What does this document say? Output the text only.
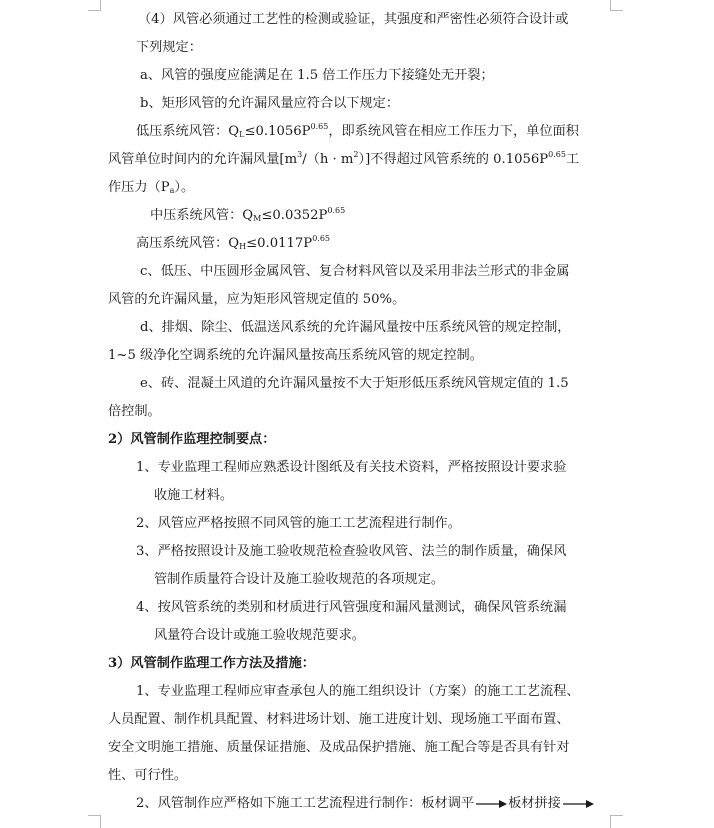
（4）风管必须通过工艺性的检测或验证，其强度和严密性必须符合设计或
下列规定：
a、风管的强度应能满足在 1.5 倍工作压力下接缝处无开裂；
b、矩形风管的允许漏风量应符合以下规定：
低压系统风管：$Q_L\le 0.1056P^{0.65}$，即系统风管在相应工作压力下，单位面积
风管单位时间内的允许漏风量$[m^3/(h \cdot m^2)]$不得超过风管系统的 $0.1056P^{0.65}$工
作压力$(P_a)$。
中压系统风管：$Q_M\le 0.0352P^{0.65}$
高压系统风管：$Q_H\le 0.0117P^{0.65}$
c、低压、中压圆形金属风管、复合材料风管以及采用非法兰形式的非金属
风管的允许漏风量，应为矩形风管规定值的 50%。
d、排烟、除尘、低温送风系统的允许漏风量按中压系统风管的规定控制，
1~5 级净化空调系统的允许漏风量按高压系统风管的规定控制。
e、砖、混凝土风道的允许漏风量按不大于矩形低压系统风管规定值的 1.5
倍控制。
2）风管制作监理控制要点：
1、专业监理工程师应熟悉设计图纸及有关技术资料，严格按照设计要求验
收施工材料。
2、风管应严格按照不同风管的施工工艺流程进行制作。
3、严格按照设计及施工验收规范检查验收风管、法兰的制作质量，确保风
管制作质量符合设计及施工验收规范的各项规定。
4、按风管系统的类别和材质进行风管强度和漏风量测试，确保风管系统漏
风量符合设计或施工验收规范要求。
3）风管制作监理工作方法及措施：
1、专业监理工程师应审查承包人的施工组织设计（方案）的施工工艺流程、
人员配置、制作机具配置、材料进场计划、施工进度计划、现场施工平面布置、
安全文明施工措施、质量保证措施、及成品保护措施、施工配合等是否具有针对
性、可行性。
2、风管制作应严格如下施工工艺流程进行制作：板材调平	板材拼接
